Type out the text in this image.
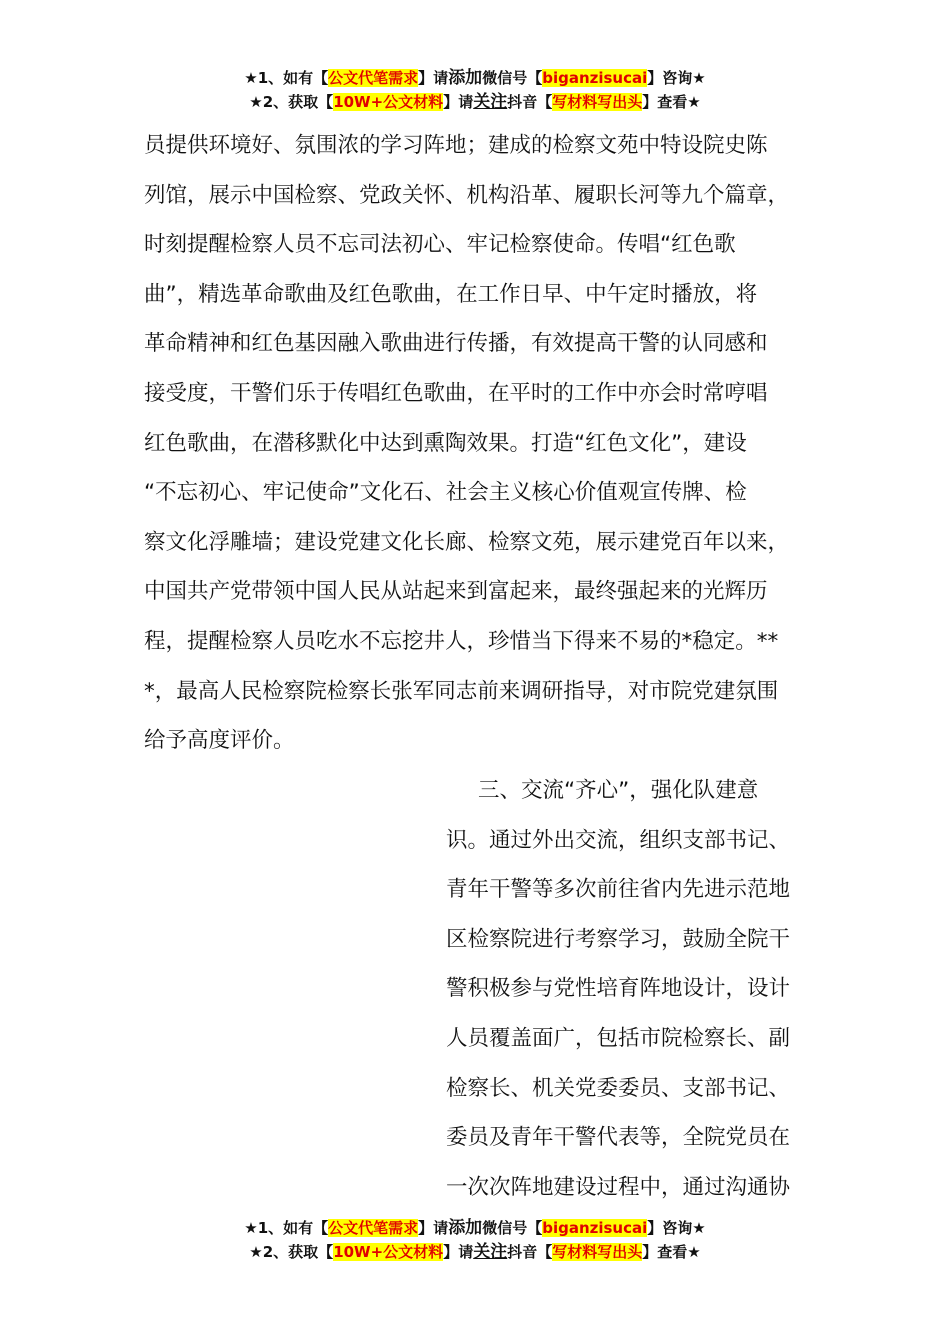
★1、如有【公文代笔需求】请添加微信号【biganzisucai】咨询★
★2、获取【10W+公文材料】请关注抖音【写材料写出头】查看★
员提供环境好、氛围浓的学习阵地；建成的检察文苑中特设院史陈
列馆，展示中国检察、党政关怀、机构沿革、履职长河等九个篇章，
时刻提醒检察人员不忘司法初心、牢记检察使命。传唱“红色歌
曲”，精选革命歌曲及红色歌曲，在工作日早、中午定时播放，将
革命精神和红色基因融入歌曲进行传播，有效提高干警的认同感和
接受度，干警们乐于传唱红色歌曲，在平时的工作中亦会时常哼唱
红色歌曲，在潜移默化中达到熏陶效果。打造“红色文化”，建设
“不忘初心、牢记使命”文化石、社会主义核心价值观宣传牌、检
察文化浮雕墙；建设党建文化长廊、检察文苑，展示建党百年以来，
中国共产党带领中国人民从站起来到富起来，最终强起来的光辉历
程，提醒检察人员吃水不忘挖井人，珍惜当下得来不易的*稳定。**
*，最高人民检察院检察长张军同志前来调研指导，对市院党建氛围
给予高度评价。
三、交流“齐心”，强化队建意
识。通过外出交流，组织支部书记、
青年干警等多次前往省内先进示范地
区检察院进行考察学习，鼓励全院干
警积极参与党性培育阵地设计，设计
人员覆盖面广，包括市院检察长、副
检察长、机关党委委员、支部书记、
委员及青年干警代表等，全院党员在
一次次阵地建设过程中，通过沟通协
★1、如有【公文代笔需求】请添加微信号【biganzisucai】咨询★
★2、获取【10W+公文材料】请关注抖音【写材料写出头】查看★
